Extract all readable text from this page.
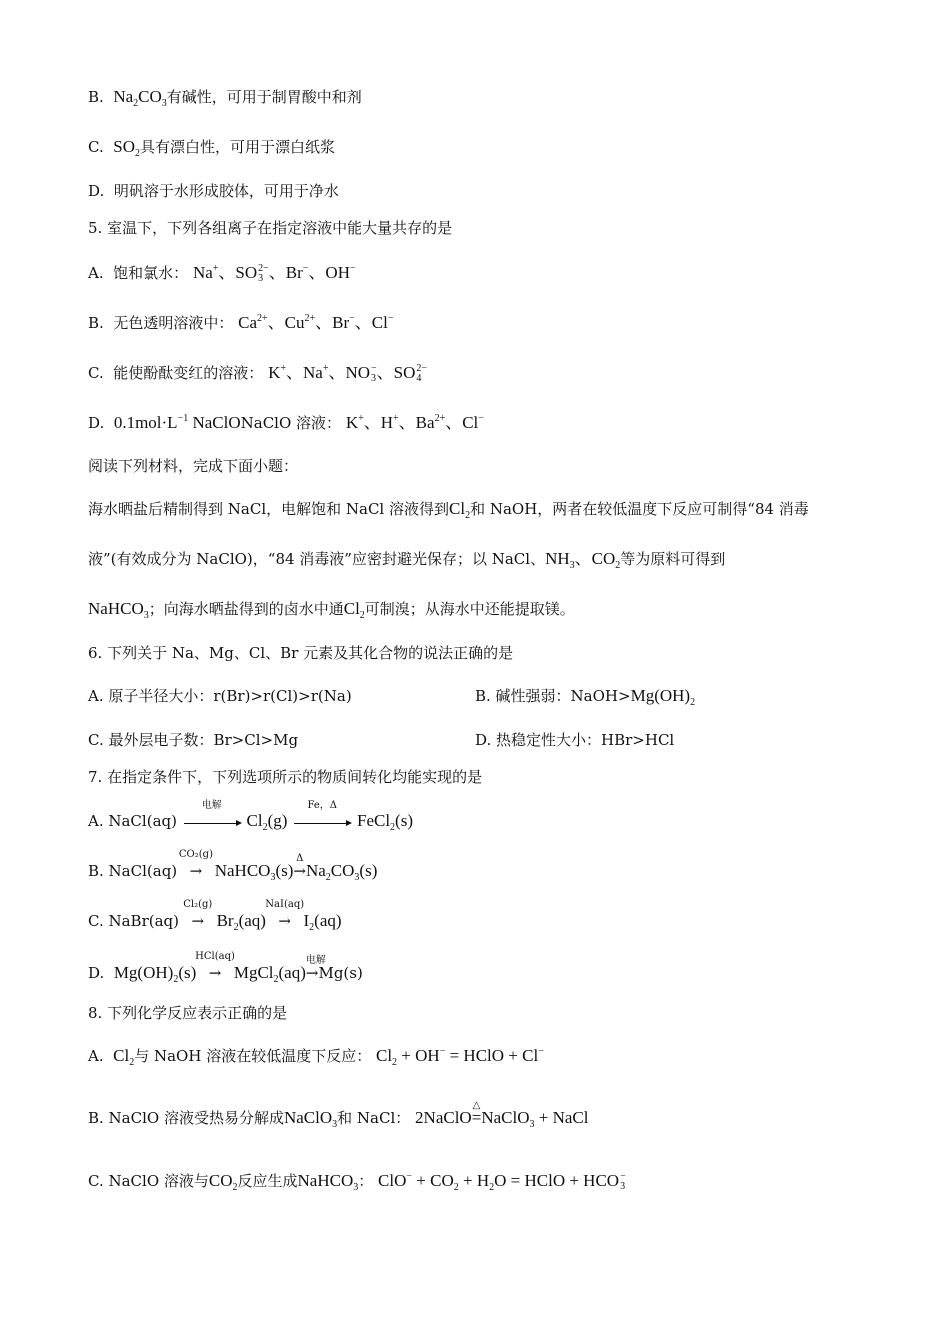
B. $Na_2CO_3$有碱性，可用于制胃酸中和剂
C. $SO_2$具有漂白性，可用于漂白纸浆
D. 明矾溶于水形成胶体，可用于净水
5. 室温下，下列各组离子在指定溶液中能大量共存的是
A. 饱和氯水： Na+、SO 2−
3 、Br−、OH−
B. 无色透明溶液中： $Ca^{2+}$、$Cu^{2+}$、Br−、Cl−
C. 能使酚酞变红的溶液： K+、Na+、NO −
3 、SO 2−
4
D. $0.1mol\cdot L^{-1}$ NaClONaClO 溶液： K+、H+、$Ba^{2+}$、Cl−
阅读下列材料，完成下面小题：
海水晒盐后精制得到 NaCl，电解饱和 NaCl 溶液得到$Cl_2$和 NaOH，两者在较低温度下反应可制得“84 消毒
液”(有效成分为 NaClO)，“84 消毒液”应密封避光保存；以 NaCl、$NH_3$、$CO_2$等为原料可得到
NaHCO$_3$；向海水晒盐得到的卤水中通$Cl_2$可制溴；从海水中还能提取镁。
6. 下列关于 Na、Mg、Cl、Br 元素及其化合物的说法正确的是
A. 原子半径大小：r(Br)>r(Cl)>r(Na)	B. 碱性强弱：$NaOH>Mg(OH)_2$
C. 最外层电子数：Br>Cl>Mg	D. 热稳定性大小：HBr>HCl
7. 在指定条件下，下列选项所示的物质间转化均能实现的是
A. NaCl(aq)
电解
$Cl_2(g)$
Fe，Δ
FeCl$_2$(s)
B. NaCl(aq)
CO₂(g)
→ NaHCO$_3$(s)
Δ
$\to Na_2CO_3(s)$
C. NaBr(aq)
Cl₂(g)
→ $Br_2(aq)$
NaI(aq)
→ $I_2(aq)$
D. $Mg(OH)_2(s)$
HCl(aq)
→ MgCl$_2$(aq)
电解
→Mg(s)
8. 下列化学反应表示正确的是
A. $Cl_2$与 NaOH 溶液在较低温度下反应： $Cl_2 + OH^-$ = HClO + Cl−
B. NaClO 溶液受热易分解成NaClO$_3$和 NaCl： 2NaClO
△
=NaClO$_3$ + NaCl
C. NaClO 溶液与$CO_2$反应生成NaHCO$_3$： $ClO^- + CO_2 + H_2O$ = HClO + HCO −
3
